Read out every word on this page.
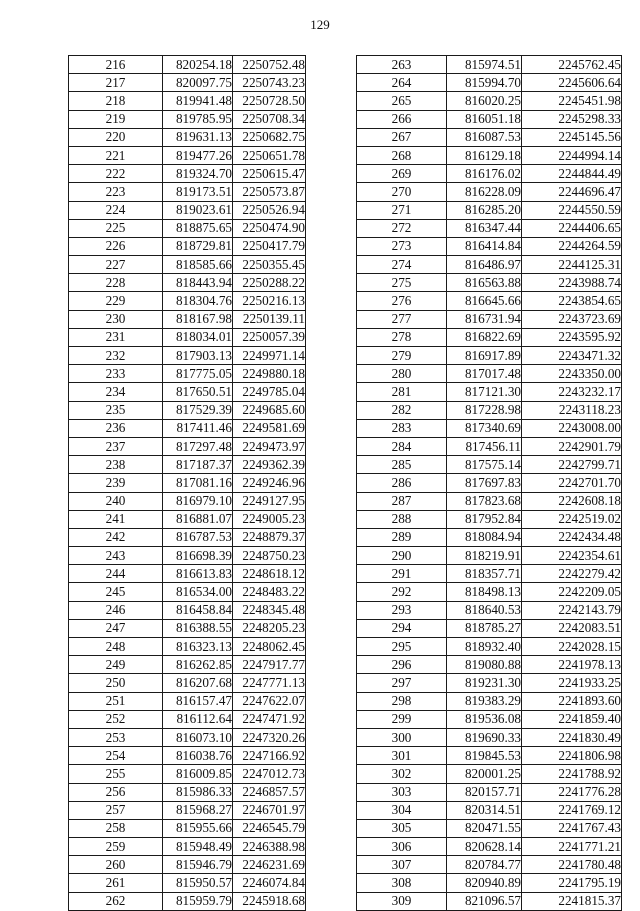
129
216	820254.18	2250752.48
217	820097.75	2250743.23
218	819941.48	2250728.50
219	819785.95	2250708.34
220	819631.13	2250682.75
221	819477.26	2250651.78
222	819324.70	2250615.47
223	819173.51	2250573.87
224	819023.61	2250526.94
225	818875.65	2250474.90
226	818729.81	2250417.79
227	818585.66	2250355.45
228	818443.94	2250288.22
229	818304.76	2250216.13
230	818167.98	2250139.11
231	818034.01	2250057.39
232	817903.13	2249971.14
233	817775.05	2249880.18
234	817650.51	2249785.04
235	817529.39	2249685.60
236	817411.46	2249581.69
237	817297.48	2249473.97
238	817187.37	2249362.39
239	817081.16	2249246.96
240	816979.10	2249127.95
241	816881.07	2249005.23
242	816787.53	2248879.37
243	816698.39	2248750.23
244	816613.83	2248618.12
245	816534.00	2248483.22
246	816458.84	2248345.48
247	816388.55	2248205.23
248	816323.13	2248062.45
249	816262.85	2247917.77
250	816207.68	2247771.13
251	816157.47	2247622.07
252	816112.64	2247471.92
253	816073.10	2247320.26
254	816038.76	2247166.92
255	816009.85	2247012.73
256	815986.33	2246857.57
257	815968.27	2246701.97
258	815955.66	2246545.79
259	815948.49	2246388.98
260	815946.79	2246231.69
261	815950.57	2246074.84
262	815959.79	2245918.68
263	815974.51	2245762.45
264	815994.70	2245606.64
265	816020.25	2245451.98
266	816051.18	2245298.33
267	816087.53	2245145.56
268	816129.18	2244994.14
269	816176.02	2244844.49
270	816228.09	2244696.47
271	816285.20	2244550.59
272	816347.44	2244406.65
273	816414.84	2244264.59
274	816486.97	2244125.31
275	816563.88	2243988.74
276	816645.66	2243854.65
277	816731.94	2243723.69
278	816822.69	2243595.92
279	816917.89	2243471.32
280	817017.48	2243350.00
281	817121.30	2243232.17
282	817228.98	2243118.23
283	817340.69	2243008.00
284	817456.11	2242901.79
285	817575.14	2242799.71
286	817697.83	2242701.70
287	817823.68	2242608.18
288	817952.84	2242519.02
289	818084.94	2242434.48
290	818219.91	2242354.61
291	818357.71	2242279.42
292	818498.13	2242209.05
293	818640.53	2242143.79
294	818785.27	2242083.51
295	818932.40	2242028.15
296	819080.88	2241978.13
297	819231.30	2241933.25
298	819383.29	2241893.60
299	819536.08	2241859.40
300	819690.33	2241830.49
301	819845.53	2241806.98
302	820001.25	2241788.92
303	820157.71	2241776.28
304	820314.51	2241769.12
305	820471.55	2241767.43
306	820628.14	2241771.21
307	820784.77	2241780.48
308	820940.89	2241795.19
309	821096.57	2241815.37
